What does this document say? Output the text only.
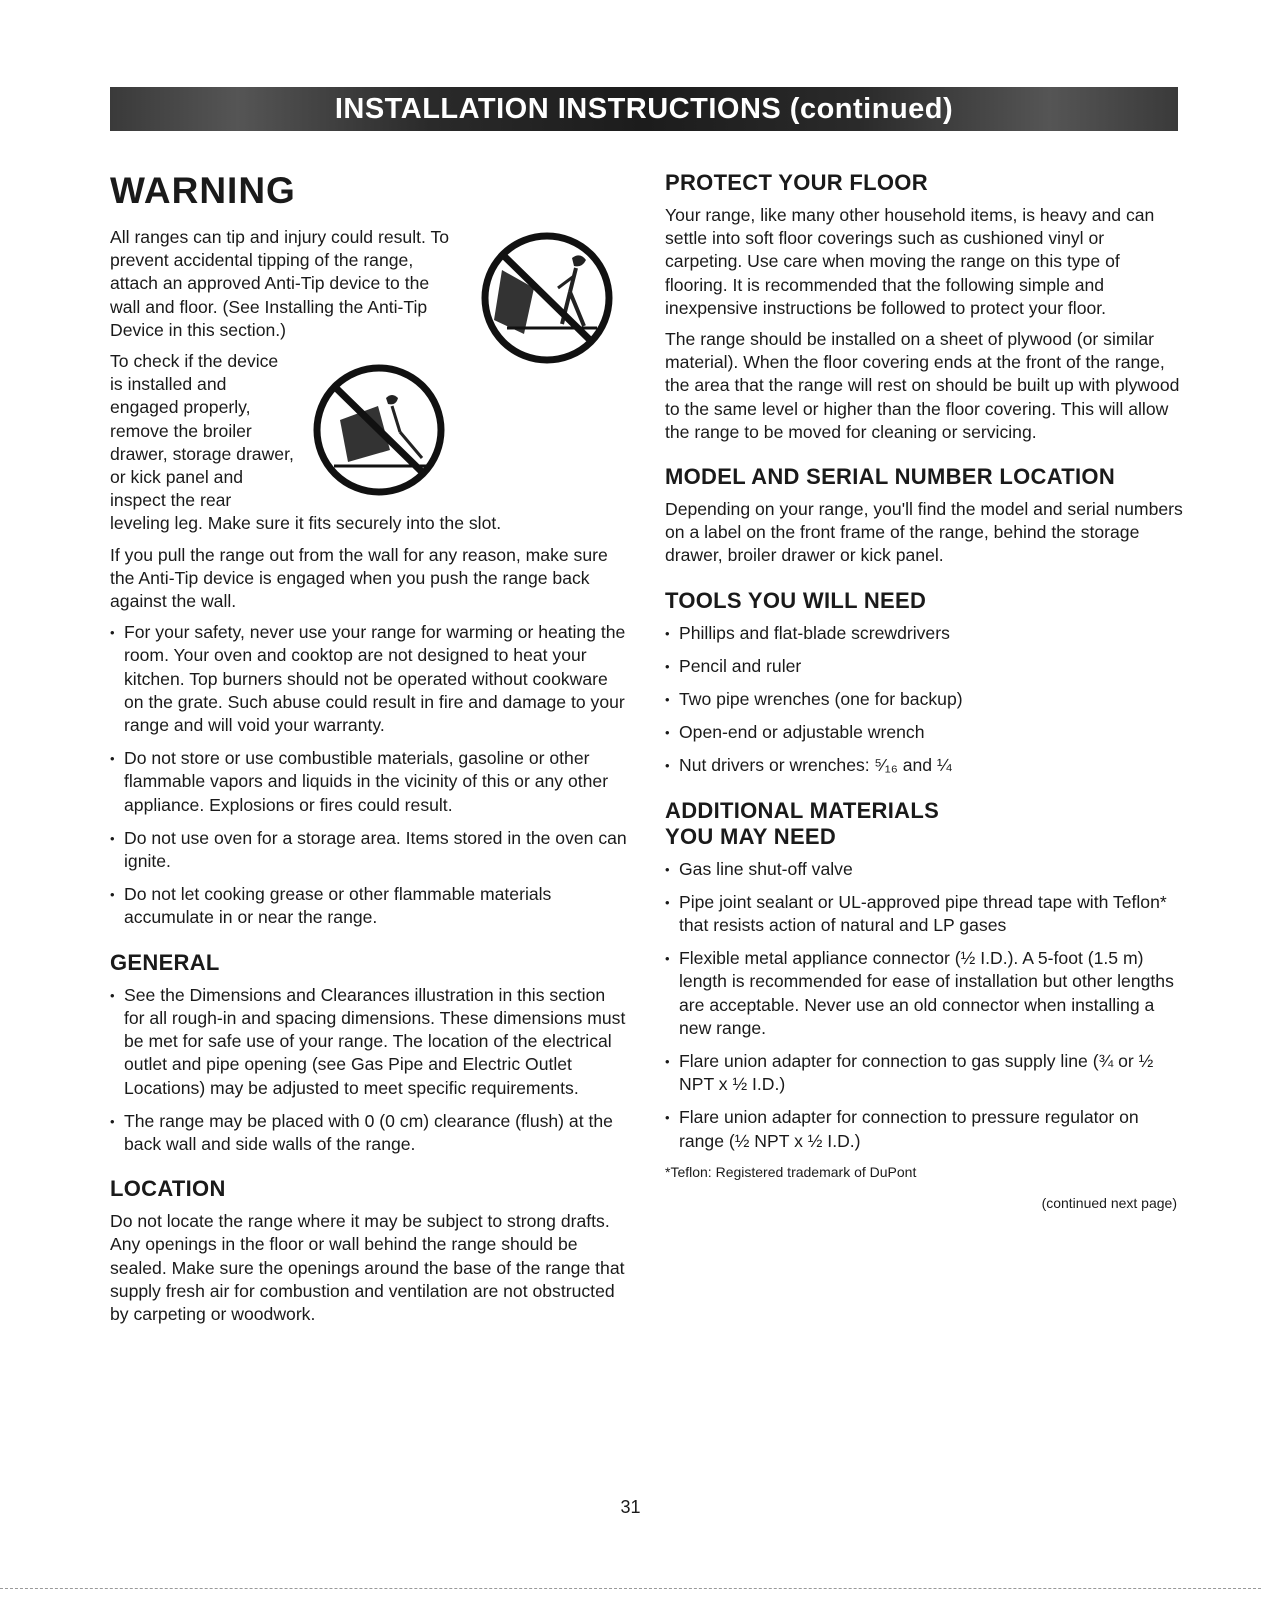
INSTALLATION INSTRUCTIONS (continued)
WARNING

All ranges can tip and injury could result. To prevent accidental tipping of the range, attach an approved Anti-Tip device to the wall and floor. (See Installing the Anti-Tip Device in this section.)

To check if the device is installed and engaged properly, remove the broiler drawer, storage drawer, or kick panel and inspect the rear leveling leg. Make sure it fits securely into the slot.

If you pull the range out from the wall for any reason, make sure the Anti-Tip device is engaged when you push the range back against the wall.

• For your safety, never use your range for warming or heating the room. Your oven and cooktop are not designed to heat your kitchen. Top burners should not be operated without cookware on the grate. Such abuse could result in fire and damage to your range and will void your warranty.
• Do not store or use combustible materials, gasoline or other flammable vapors and liquids in the vicinity of this or any other appliance. Explosions or fires could result.
• Do not use oven for a storage area. Items stored in the oven can ignite.
• Do not let cooking grease or other flammable materials accumulate in or near the range.
GENERAL
• See the Dimensions and Clearances illustration in this section for all rough-in and spacing dimensions. These dimensions must be met for safe use of your range. The location of the electrical outlet and pipe opening (see Gas Pipe and Electric Outlet Locations) may be adjusted to meet specific requirements.
• The range may be placed with 0 (0 cm) clearance (flush) at the back wall and side walls of the range.
LOCATION

Do not locate the range where it may be subject to strong drafts. Any openings in the floor or wall behind the range should be sealed. Make sure the openings around the base of the range that supply fresh air for combustion and ventilation are not obstructed by carpeting or woodwork.

PROTECT YOUR FLOOR

Your range, like many other household items, is heavy and can settle into soft floor coverings such as cushioned vinyl or carpeting. Use care when moving the range on this type of flooring. It is recommended that the following simple and inexpensive instructions be followed to protect your floor.

The range should be installed on a sheet of plywood (or similar material). When the floor covering ends at the front of the range, the area that the range will rest on should be built up with plywood to the same level or higher than the floor covering. This will allow the range to be moved for cleaning or servicing.

MODEL AND SERIAL NUMBER LOCATION

Depending on your range, you'll find the model and serial numbers on a label on the front frame of the range, behind the storage drawer, broiler drawer or kick panel.

TOOLS YOU WILL NEED
• Phillips and flat-blade screwdrivers
• Pencil and ruler
• Two pipe wrenches (one for backup)
• Open-end or adjustable wrench
• Nut drivers or wrenches: ⁵⁄₁₆ and ¼
ADDITIONAL MATERIALS
YOU MAY NEED
• Gas line shut-off valve
• Pipe joint sealant or UL-approved pipe thread tape with Teflon* that resists action of natural and LP gases
• Flexible metal appliance connector (½ I.D.). A 5-foot (1.5 m) length is recommended for ease of installation but other lengths are acceptable. Never use an old connector when installing a new range.
• Flare union adapter for connection to gas supply line (¾ or ½ NPT x ½ I.D.)
• Flare union adapter for connection to pressure regulator on range (½ NPT x ½ I.D.)
*Teflon: Registered trademark of DuPont
(continued next page)
31
